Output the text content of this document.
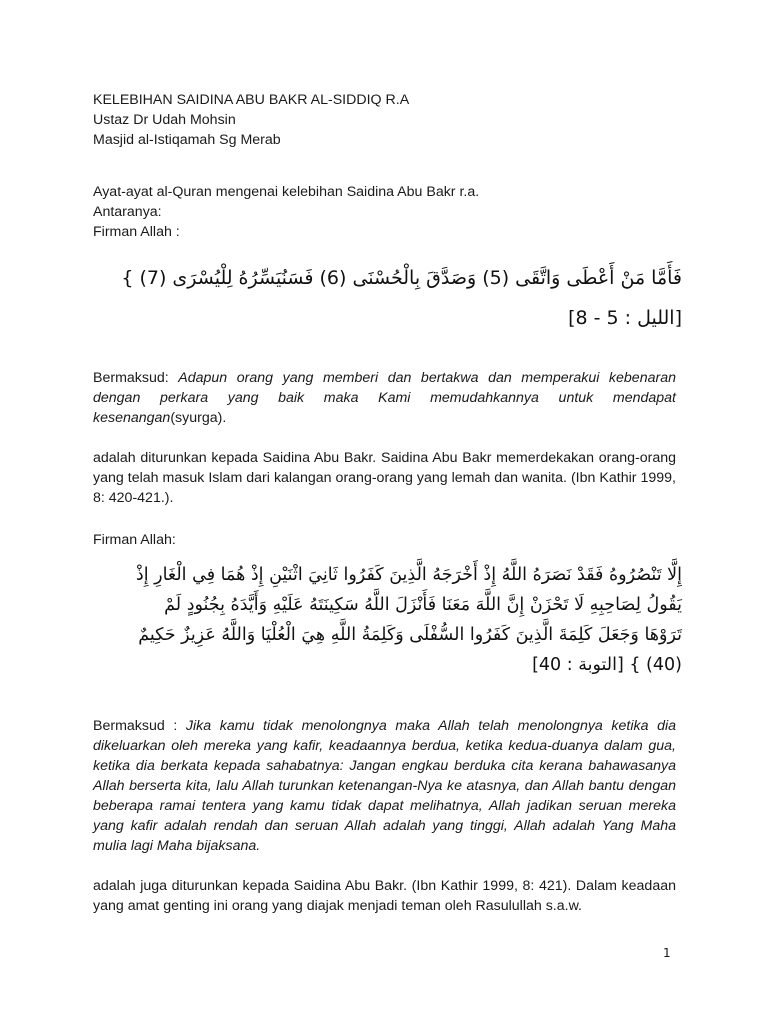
KELEBIHAN SAIDINA ABU BAKR AL-SIDDIQ R.A
Ustaz Dr Udah Mohsin
Masjid al-Istiqamah Sg Merab

Ayat-ayat al-Quran mengenai kelebihan Saidina Abu Bakr r.a.
Antaranya:
Firman Allah :

فَأَمَّا مَنْ أَعْطَى وَاتَّقَى (5) وَصَدَّقَ بِالْحُسْنَى (6) فَسَنُيَسِّرُهُ لِلْيُسْرَى (7) }
[الليل : 5 - 8]

Bermaksud: Adapun orang yang memberi dan bertakwa dan memperakui kebenaran dengan perkara yang baik maka Kami memudahkannya untuk mendapat kesenangan(syurga).

adalah diturunkan kepada Saidina Abu Bakr. Saidina Abu Bakr memerdekakan orang-orang yang telah masuk Islam dari kalangan orang-orang yang lemah dan wanita. (Ibn Kathir 1999, 8: 420-421.).

Firman Allah:

إِلَّا تَنْصُرُوهُ فَقَدْ نَصَرَهُ اللَّهُ إِذْ أَخْرَجَهُ الَّذِينَ كَفَرُوا ثَانِيَ اثْنَيْنِ إِذْ هُمَا فِي الْغَارِ إِذْ
يَقُولُ لِصَاحِبِهِ لَا تَحْزَنْ إِنَّ اللَّهَ مَعَنَا فَأَنْزَلَ اللَّهُ سَكِينَتَهُ عَلَيْهِ وَأَيَّدَهُ بِجُنُودٍ لَمْ
تَرَوْهَا وَجَعَلَ كَلِمَةَ الَّذِينَ كَفَرُوا السُّفْلَى وَكَلِمَةُ اللَّهِ هِيَ الْعُلْيَا وَاللَّهُ عَزِيزٌ حَكِيمٌ
(40) } [التوبة : 40]

Bermaksud : Jika kamu tidak menolongnya maka Allah telah menolongnya ketika dia dikeluarkan oleh mereka yang kafir, keadaannya berdua, ketika kedua-duanya dalam gua, ketika dia berkata kepada sahabatnya: Jangan engkau berduka cita kerana bahawasanya Allah berserta kita, lalu Allah turunkan ketenangan-Nya ke atasnya, dan Allah bantu dengan beberapa ramai tentera yang kamu tidak dapat melihatnya, Allah jadikan seruan mereka yang kafir adalah rendah dan seruan Allah adalah yang tinggi, Allah adalah Yang Maha mulia lagi Maha bijaksana.

adalah juga diturunkan kepada Saidina Abu Bakr. (Ibn Kathir 1999, 8: 421). Dalam keadaan yang amat genting ini orang yang diajak menjadi teman oleh Rasulullah s.a.w.

1
